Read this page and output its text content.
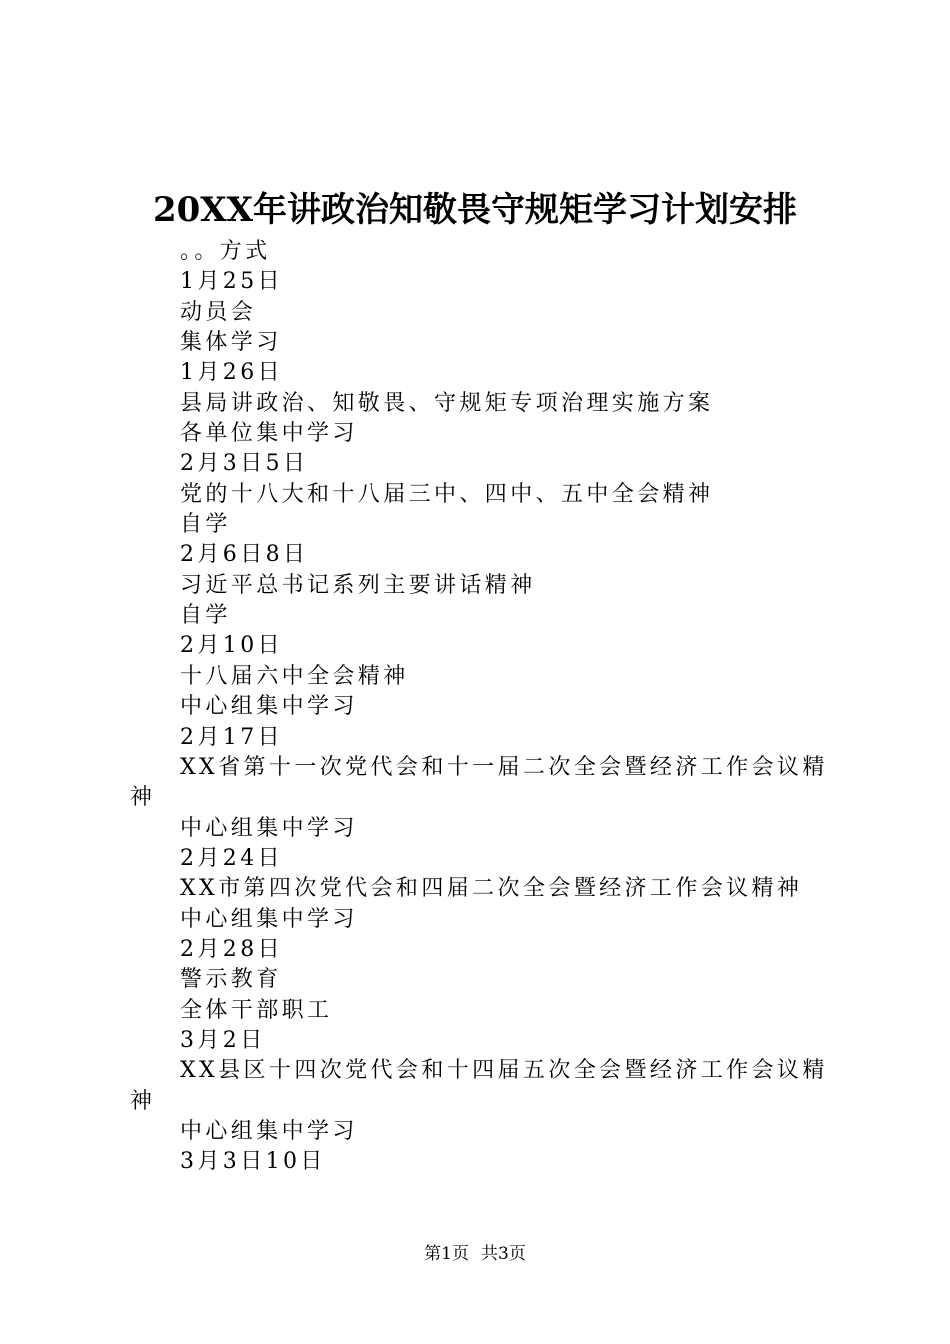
20XX年讲政治知敬畏守规矩学习计划安排
。。方式
1月25日
动员会
集体学习
1月26日
县局讲政治、知敬畏、守规矩专项治理实施方案
各单位集中学习
2月3日5日
党的十八大和十八届三中、四中、五中全会精神
自学
2月6日8日
习近平总书记系列主要讲话精神
自学
2月10日
十八届六中全会精神
中心组集中学习
2月17日
XX省第十一次党代会和十一届二次全会暨经济工作会议精神
中心组集中学习
2月24日
XX市第四次党代会和四届二次全会暨经济工作会议精神
中心组集中学习
2月28日
警示教育
全体干部职工
3月2日
XX县区十四次党代会和十四届五次全会暨经济工作会议精神
中心组集中学习
3月3日10日
第1页 共3页
